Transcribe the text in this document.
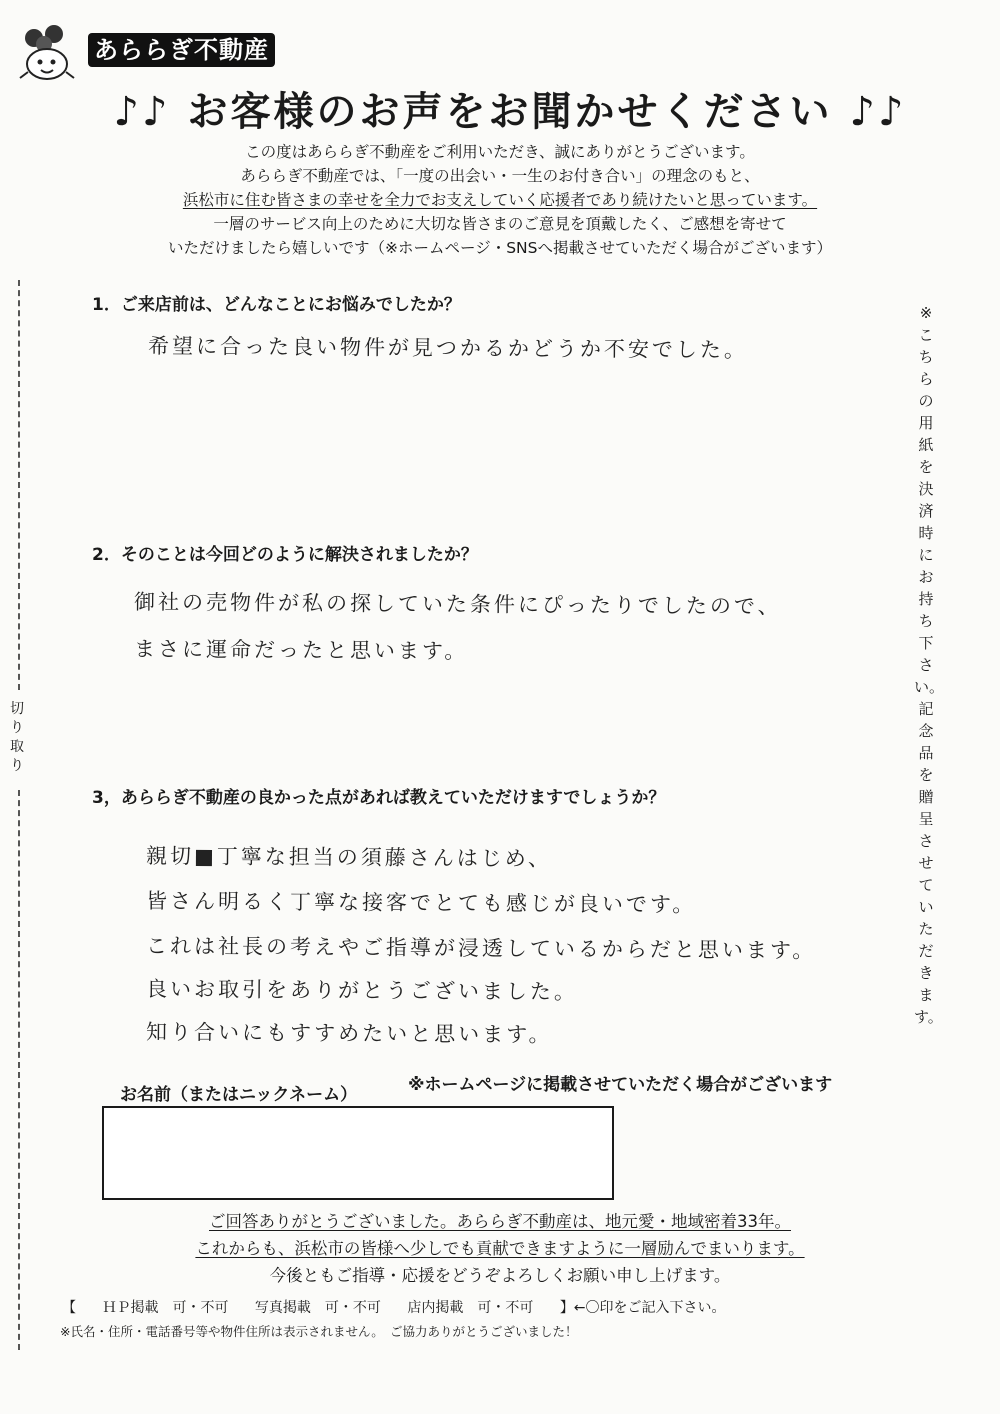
あららぎ不動産
♪♪ お客様のお声をお聞かせください ♪♪
この度はあららぎ不動産をご利用いただき、誠にありがとうございます。
あららぎ不動産では、「一度の出会い・一生のお付き合い」の理念のもと、
浜松市に住む皆さまの幸せを全力でお支えしていく応援者であり続けたいと思っています。
一層のサービス向上のために大切な皆さまのご意見を頂戴したく、ご感想を寄せて
いただけましたら嬉しいです（※ホームページ・SNSへ掲載させていただく場合がございます）
1．ご来店前は、どんなことにお悩みでしたか？
希望に合った良い物件が見つかるかどうか不安でした。
2．そのことは今回どのように解決されましたか？
御社の売物件が私の探していた条件にぴったりでしたので、
まさに運命だったと思います。
3，あららぎ不動産の良かった点があれば教えていただけますでしょうか？
親切■丁寧な担当の須藤さんはじめ、
皆さん明るく丁寧な接客でとても感じが良いです。
これは社長の考えやご指導が浸透しているからだと思います。
良いお取引をありがとうございました。
知り合いにもすすめたいと思います。
※こちらの用紙を決済時にお持ち下さい。記念品を贈呈させていただきます。
切り取り
お名前（またはニックネーム）	※ホームページに掲載させていただく場合がございます
ご回答ありがとうございました。あららぎ不動産は、地元愛・地域密着33年。
これからも、浜松市の皆様へ少しでも貢献できますように一層励んでまいります。
今後ともご指導・応援をどうぞよろしくお願い申し上げます。
【 ＨＰ掲載　可・不可 写真掲載　可・不可 店内掲載　可・不可 】←〇印をご記入下さい。
※氏名・住所・電話番号等や物件住所は表示されません。　ご協力ありがとうございました！
